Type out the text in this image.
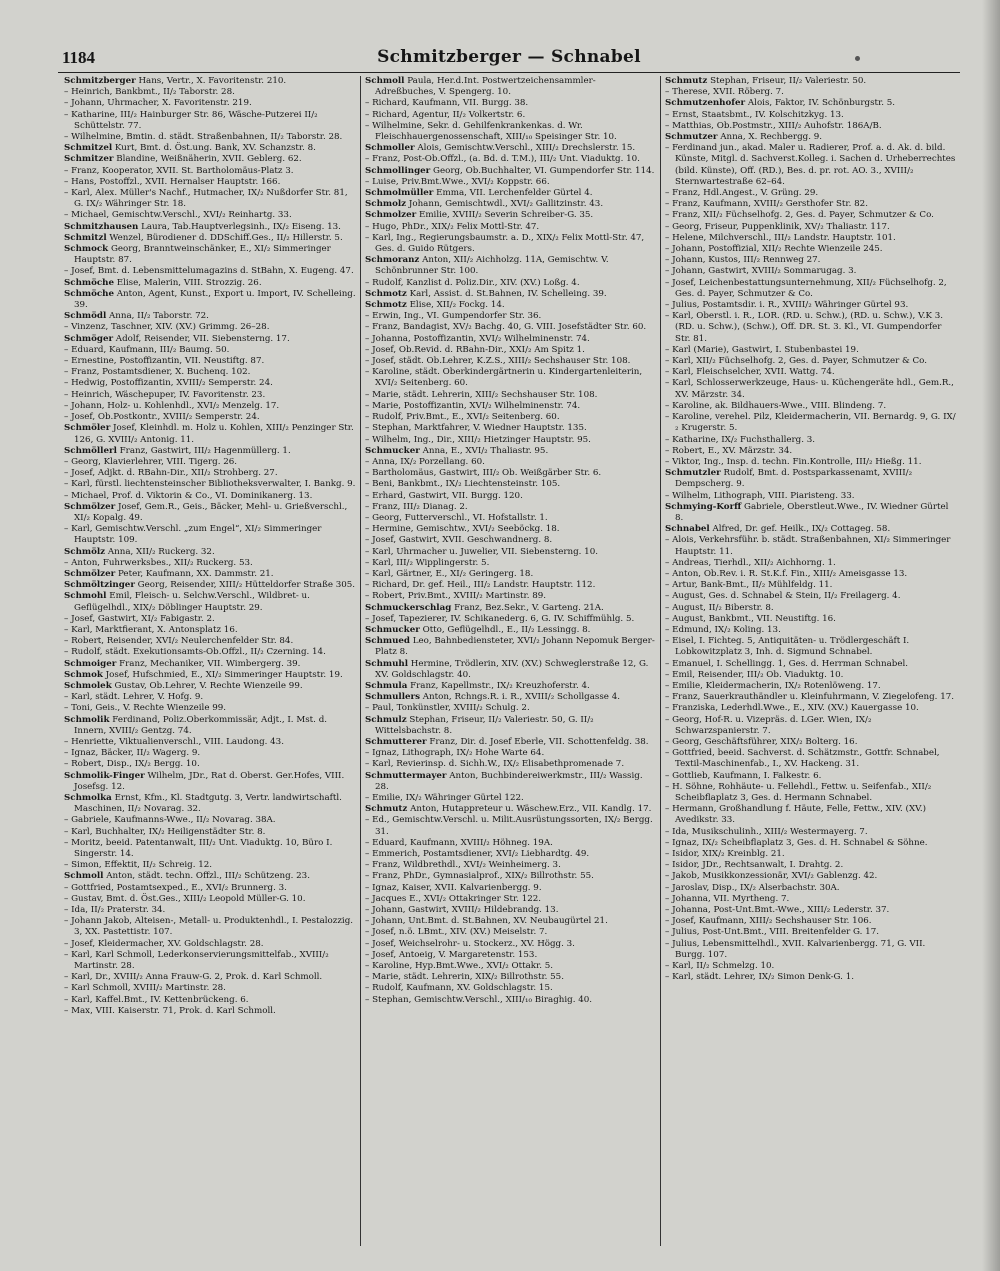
1184	Schmitzberger — Schnabel

Schmitzberger Hans, Vertr., X. Favoritenstr. 210.

– Heinrich, Bankbmt., II/₂ Taborstr. 28.

– Johann, Uhrmacher, X. Favoritenstr. 219.

– Katharine, III/₂ Hainburger Str. 86, Wäsche-Putzerei II/₂ Schüttelstr. 77.

– Wilhelmine, Bmtin. d. städt. Straßenbahnen, II/₂ Taborstr. 28.

Schmitzel Kurt, Bmt. d. Öst.ung. Bank, XV. Schanzstr. 8.

Schmitzer Blandine, Weißnäherin, XVII. Geblerg. 62.

– Franz, Kooperator, XVII. St. Bartholomäus-Platz 3.

– Hans, Postoffzl., XVII. Hernalser Hauptstr. 166.

– Karl, Alex. Müller's Nachf., Hutmacher, IX/₂ Nußdorfer Str. 81, G. IX/₂ Währinger Str. 18.

– Michael, Gemischtw.Verschl., XVI/₂ Reinhartg. 33.

Schmitzhausen Laura, Tab.Hauptverlegsinh., IX/₂ Eiseng. 13.

Schmitzl Wenzel, Bürodiener d. DDSchiff.Ges., II/₂ Hillerstr. 5.

Schmock Georg, Branntweinschänker, E., XI/₂ Simmeringer Hauptstr. 87.

– Josef, Bmt. d. Lebensmittelumagazins d. StBahn, X. Eugeng. 47.

Schmöche Elise, Malerin, VIII. Strozzig. 26.

Schmöche Anton, Agent, Kunst., Export u. Import, IV. Schelleing. 39.

Schmödl Anna, II/₂ Taborstr. 72.

– Vinzenz, Taschner, XIV. (XV.) Grimmg. 26–28.

Schmöger Adolf, Reisender, VII. Siebensterng. 17.

– Eduard, Kaufmann, III/₂ Baumg. 50.

– Ernestine, Postoffizantin, VII. Neustiftg. 87.

– Franz, Postamtsdiener, X. Buchenq. 102.

– Hedwig, Postoffizantin, XVIII/₂ Semperstr. 24.

– Heinrich, Wäschepuper, IV. Favoritenstr. 23.

– Johann, Holz- u. Kohlenhdl., XVI/₂ Menzelg. 17.

– Josef, Ob.Postkontr., XVIII/₂ Semperstr. 24.

Schmöler Josef, Kleinhdl. m. Holz u. Kohlen, XIII/₂ Penzinger Str. 126, G. XVIII/₂ Antonig. 11.

Schmöllerl Franz, Gastwirt, III/₂ Hagenmüllerg. 1.

– Georg, Klavierlehrer, VIII. Tigerg. 26.

– Josef, Adjkt. d. RBahn-Dir., XII/₂ Strohberg. 27.

– Karl, fürstl. liechtensteinscher Bibliotheksverwalter, I. Bankg. 9.

– Michael, Prof. d. Viktorin & Co., VI. Dominikanerg. 13.

Schmölzer Josef, Gem.R., Geis., Bäcker, Mehl- u. Grießverschl., XI/₂ Kopalg. 49.

– Karl, Gemischtw.Verschl. „zum Engel“, XI/₂ Simmeringer Hauptstr. 109.

Schmölz Anna, XII/₂ Ruckerg. 32.

– Anton, Fuhrwerksbes., XII/₂ Ruckerg. 53.

Schmölzer Peter, Kaufmann, XX. Dammstr. 21.

Schmöltzinger Georg, Reisender, XIII/₂ Hütteldorfer Straße 305.

Schmohl Emil, Fleisch- u. Selchw.Verschl., Wildbret- u. Geflügelhdl., XIX/₂ Döblinger Hauptstr. 29.

– Josef, Gastwirt, XI/₂ Fabigastr. 2.

– Karl, Marktfierant, X. Antonsplatz 16.

– Robert, Reisender, XVI/₂ Neulerchenfelder Str. 84.

– Rudolf, städt. Exekutionsamts-Ob.Offzl., II/₂ Czerning. 14.

Schmoiger Franz, Mechaniker, VII. Wimbergerg. 39.

Schmok Josef, Hufschmied, E., XI/₂ Simmeringer Hauptstr. 19.

Schmolek Gustav, Ob.Lehrer, V. Rechte Wienzeile 99.

– Karl, städt. Lehrer, V. Hofg. 9.

– Toni, Geis., V. Rechte Wienzeile 99.

Schmolik Ferdinand, Poliz.Oberkommissär, Adjt., I. Mst. d. Innern, XVIII/₂ Gentzg. 74.

– Henriette, Viktualienverschl., VIII. Laudong. 43.

– Ignaz, Bäcker, II/₂ Wagerg. 9.

– Robert, Disp., IX/₂ Bergg. 10.

Schmolik-Finger Wilhelm, JDr., Rat d. Oberst. Ger.Hofes, VIII. Josefsg. 12.

Schmolka Ernst, Kfm., Kl. Stadtgutg. 3, Vertr. landwirtschaftl. Maschinen, II/₂ Novarag. 32.

– Gabriele, Kaufmanns-Wwe., II/₂ Novarag. 38A.

– Karl, Buchhalter, IX/₂ Heiligenstädter Str. 8.

– Moritz, beeid. Patentanwalt, III/₂ Unt. Viaduktg. 10, Büro I. Singerstr. 14.

– Simon, Effektit, II/₂ Schreig. 12.

Schmoll Anton, städt. techn. Offzl., III/₂ Schützeng. 23.

– Gottfried, Postamtsexped., E., XVI/₂ Brunnerg. 3.

– Gustav, Bmt. d. Öst.Ges., XIII/₂ Leopold Müller-G. 10.

– Ida, II/₂ Praterstr. 34.

– Johann Jakob, Alteisen-, Metall- u. Produktenhdl., I. Pestalozzig. 3, XX. Pastettistr. 107.

– Josef, Kleidermacher, XV. Goldschlagstr. 28.

– Karl, Karl Schmoll, Lederkonservierungsmittelfab., XVIII/₂ Martinstr. 28.

– Karl, Dr., XVIII/₂ Anna Frauw-G. 2, Prok. d. Karl Schmoll.

– Karl Schmoll, XVIII/₂ Martinstr. 28.

– Karl, Kaffel.Bmt., IV. Kettenbrückeng. 6.

– Max, VIII. Kaiserstr. 71, Prok. d. Karl Schmoll.

Schmoll Paula, Her.d.Int. Postwertzeichensammler-Adreßbuches, V. Spengerg. 10.

– Richard, Kaufmann, VII. Burgg. 38.

– Richard, Agentur, II/₂ Volkertstr. 6.

– Wilhelmine, Sekr. d. Gehilfenkrankenkas. d. Wr. Fleischhauergenossenschaft, XIII/₁₀ Speisinger Str. 10.

Schmoller Alois, Gemischtw.Verschl., XIII/₂ Drechslerstr. 15.

– Franz, Post-Ob.Offzl., (a. Bd. d. T.M.), III/₂ Unt. Viaduktg. 10.

Schmollinger Georg, Ob.Buchhalter, VI. Gumpendorfer Str. 114.

– Luise, Priv.Bmt.Wwe., XVI/₂ Koppstr. 66.

Schmolmüller Emma, VII. Lerchenfelder Gürtel 4.

Schmolz Johann, Gemischtwdl., XVI/₂ Gallitzinstr. 43.

Schmolzer Emilie, XVIII/₂ Severin Schreiber-G. 35.

– Hugo, PhDr., XIX/₂ Felix Mottl-Str. 47.

– Karl, Ing., Regierungsbaumstr. a. D., XIX/₂ Felix Mottl-Str. 47, Ges. d. Guido Rütgers.

Schmoranz Anton, XII/₂ Aichholzg. 11A, Gemischtw. V. Schönbrunner Str. 100.

– Rudolf, Kanzlist d. Poliz.Dir., XIV. (XV.) Loßg. 4.

Schmotz Karl, Assist. d. St.Bahnen, IV. Schelleing. 39.

Schmotz Elise, XII/₂ Fockg. 14.

– Erwin, Ing., VI. Gumpendorfer Str. 36.

– Franz, Bandagist, XV/₂ Bachg. 40, G. VIII. Josefstädter Str. 60.

– Johanna, Postoffizantin, XVI/₂ Wilhelminenstr. 74.

– Josef, Ob.Revid. d. RBahn-Dir., XXI/₂ Am Spitz 1.

– Josef, städt. Ob.Lehrer, K.Z.S., XIII/₂ Sechshauser Str. 108.

– Karoline, städt. Oberkindergärtnerin u. Kindergartenleiterin, XVI/₂ Seitenberg. 60.

– Marie, städt. Lehrerin, XIII/₂ Sechshauser Str. 108.

– Marie, Postoffizantin, XVI/₂ Wilhelminenstr. 74.

– Rudolf, Priv.Bmt., E., XVI/₂ Seitenberg. 60.

– Stephan, Marktfahrer, V. Wiedner Hauptstr. 135.

– Wilhelm, Ing., Dir., XIII/₂ Hietzinger Hauptstr. 95.

Schmucker Anna, E., XVI/₂ Thaliastr. 95.

– Anna, IX/₂ Porzellang. 60.

– Bartholomäus, Gastwirt, III/₂ Ob. Weißgärber Str. 6.

– Beni, Bankbmt., IX/₂ Liechtensteinstr. 105.

– Erhard, Gastwirt, VII. Burgg. 120.

– Franz, III/₂ Dianag. 2.

– Georg, Futterverschl., VI. Hofstallstr. 1.

– Hermine, Gemischtw., XVI/₂ Seeböckg. 18.

– Josef, Gastwirt, XVII. Geschwandnerg. 8.

– Karl, Uhrmacher u. Juwelier, VII. Siebensterng. 10.

– Karl, III/₂ Wipplingerstr. 5.

– Karl, Gärtner, E., XI/₂ Geringerg. 18.

– Richard, Dr. gef. Heil., III/₂ Landstr. Hauptstr. 112.

– Robert, Priv.Bmt., XVIII/₂ Martinstr. 89.

Schmuckerschlag Franz, Bez.Sekr., V. Garteng. 21A.

– Josef, Tapezierer, IV. Schikanederg. 6, G. IV. Schiffmühlg. 5.

Schmucker Otto, Geflügelhdl., E., II/₂ Lessingg. 8.

Schmued Leo, Bahnbediensteter, XVI/₂ Johann Nepomuk Berger-Platz 8.

Schmuhl Hermine, Trödlerin, XIV. (XV.) Schweglerstraße 12, G. XV. Goldschlagstr. 40.

Schmula Franz, Kapellmstr., IX/₂ Kreuzhoferstr. 4.

Schmullers Anton, Rchngs.R. i. R., XVIII/₂ Schollgasse 4.

– Paul, Tonkünstler, XVIII/₂ Schulg. 2.

Schmulz Stephan, Friseur, II/₂ Valeriestr. 50, G. II/₂ Wittelsbachstr. 8.

Schmutterer Franz, Dir. d. Josef Eberle, VII. Schottenfeldg. 38.

– Ignaz, Lithograph, IX/₂ Hohe Warte 64.

– Karl, Revierinsp. d. Sichh.W., IX/₂ Elisabethpromenade 7.

Schmuttermayer Anton, Buchbindereiwerkmstr., III/₂ Wassig. 28.

– Emilie, IX/₂ Währinger Gürtel 122.

Schmutz Anton, Hutappreteur u. Wäschew.Erz., VII. Kandlg. 17.

– Ed., Gemischtw.Verschl. u. Milit.Ausrüstungssorten, IX/₂ Bergg. 31.

– Eduard, Kaufmann, XVIII/₂ Höhneg. 19A.

– Emmerich, Postamtsdiener, XVI/₂ Liebhardtg. 49.

– Franz, Wildbrethdl., XVI/₂ Weinheimerg. 3.

– Franz, PhDr., Gymnasialprof., XIX/₂ Billrothstr. 55.

– Ignaz, Kaiser, XVII. Kalvarienbergg. 9.

– Jacques E., XVI/₂ Ottakringer Str. 122.

– Johann, Gastwirt, XVIII/₂ Hildebrandg. 13.

– Johann, Unt.Bmt. d. St.Bahnen, XV. Neubaugürtel 21.

– Josef, n.ö. LBmt., XIV. (XV.) Meiselstr. 7.

– Josef, Weichselrohr- u. Stockerz., XV. Högg. 3.

– Josef, Antoeig, V. Margaretenstr. 153.

– Karoline, Hyp.Bmt.Wwe., XVI/₂ Ottakr. 5.

– Marie, städt. Lehrerin, XIX/₂ Billrothstr. 55.

– Rudolf, Kaufmann, XV. Goldschlagstr. 15.

– Stephan, Gemischtw.Verschl., XIII/₁₀ Biraghig. 40.

Schmutz Stephan, Friseur, II/₂ Valeriestr. 50.

– Therese, XVII. Röberg. 7.

Schmutzenhofer Alois, Faktor, IV. Schönburgstr. 5.

– Ernst, Staatsbmt., IV. Kolschitzkyg. 13.

– Matthias, Ob.Postmstr., XIII/₂ Auhofstr. 186A/B.

Schmutzer Anna, X. Rechbergg. 9.

– Ferdinand jun., akad. Maler u. Radierer, Prof. a. d. Ak. d. bild. Künste, Mitgl. d. Sachverst.Kolleg. i. Sachen d. Urheberrechtes (bild. Künste), Off. (RD.), Bes. d. pr. rot. AO. 3., XVIII/₂ Sternwartestraße 62–64.

– Franz, Hdl.Angest., V. Grüng. 29.

– Franz, Kaufmann, XVIII/₂ Gersthofer Str. 82.

– Franz, XII/₂ Füchselhofg. 2, Ges. d. Payer, Schmutzer & Co.

– Georg, Friseur, Puppenklinik, XV/₂ Thaliastr. 117.

– Helene, Milchverschl., III/₂ Landstr. Hauptstr. 101.

– Johann, Postoffizial, XII/₂ Rechte Wienzeile 245.

– Johann, Kustos, III/₂ Rennweg 27.

– Johann, Gastwirt, XVIII/₂ Sommarugag. 3.

– Josef, Leichenbestattungsunternehmung, XII/₂ Füchselhofg. 2, Ges. d. Payer, Schmutzer & Co.

– Julius, Postamtsdir. i. R., XVIII/₂ Währinger Gürtel 93.

– Karl, Oberstl. i. R., LOR. (RD. u. Schw.), (RD. u. Schw.), V.K 3. (RD. u. Schw.), (Schw.), Off. DR. St. 3. Kl., VI. Gumpendorfer Str. 81.

– Karl (Marie), Gastwirt, I. Stubenbastei 19.

– Karl, XII/₂ Füchselhofg. 2, Ges. d. Payer, Schmutzer & Co.

– Karl, Fleischselcher, XVII. Wattg. 74.

– Karl, Schlosserwerkzeuge, Haus- u. Küchengeräte hdl., Gem.R., XV. Märzstr. 34.

– Karoline, ak. Bildhauers-Wwe., VIII. Blindeng. 7.

– Karoline, verehel. Pilz, Kleidermacherin, VII. Bernardg. 9, G. IX/₂ Krugerstr. 5.

– Katharine, IX/₂ Fuchsthallerg. 3.

– Robert, E., XV. Märzstr. 34.

– Viktor, Ing., Insp. d. techn. Fin.Kontrolle, III/₂ Hießg. 11.

Schmutzler Rudolf, Bmt. d. Postsparkassenamt, XVIII/₂ Dempscherg. 9.

– Wilhelm, Lithograph, VIII. Piaristeng. 33.

Schmying-Korff Gabriele, Oberstleut.Wwe., IV. Wiedner Gürtel 8.

Schnabel Alfred, Dr. gef. Heilk., IX/₂ Cottageg. 58.

– Alois, Verkehrsführ. b. städt. Straßenbahnen, XI/₂ Simmeringer Hauptstr. 11.

– Andreas, Tierhdl., XII/₂ Aichhorng. 1.

– Anton, Ob.Rev. i. R. St.K.f. Fin., XIII/₂ Ameisgasse 13.

– Artur, Bank-Bmt., II/₂ Mühlfeldg. 11.

– August, Ges. d. Schnabel & Stein, II/₂ Freilagerg. 4.

– August, II/₂ Biberstr. 8.

– August, Bankbmt., VII. Neustiftg. 16.

– Edmund, IX/₂ Koling. 13.

– Eisel, I. Fichteg. 5, Antiquitäten- u. Trödlergeschäft I. Lobkowitzplatz 3, Inh. d. Sigmund Schnabel.

– Emanuel, I. Schellingg. 1, Ges. d. Herrman Schnabel.

– Emil, Reisender, III/₂ Ob. Viaduktg. 10.

– Emilie, Kleidermacherin, IX/₂ Rotenlöweng. 17.

– Franz, Sauerkrauthändler u. Kleinfuhrmann, V. Ziegelofeng. 17.

– Franziska, Lederhdl.Wwe., E., XIV. (XV.) Kauergasse 10.

– Georg, Hof-R. u. Vizepräs. d. LGer. Wien, IX/₂ Schwarzspanierstr. 7.

– Georg, Geschäftsführer, XIX/₂ Bolterg. 16.

– Gottfried, beeid. Sachverst. d. Schätzmstr., Gottfr. Schnabel, Textil-Maschinenfab., I., XV. Hackeng. 31.

– Gottlieb, Kaufmann, I. Falkestr. 6.

– H. Söhne, Rohhäute- u. Fellehdl., Fettw. u. Seifenfab., XII/₂ Scheibflaplatz 3, Ges. d. Hermann Schnabel.

– Hermann, Großhandlung f. Häute, Felle, Fettw., XIV. (XV.) Avedikstr. 33.

– Ida, Musikschulinh., XIII/₂ Westermayerg. 7.

– Ignaz, IX/₂ Scheibflaplatz 3, Ges. d. H. Schnabel & Söhne.

– Isidor, XIX/₂ Kreinblg. 21.

– Isidor, JDr., Rechtsanwalt, I. Drahtg. 2.

– Jakob, Musikkonzessionär, XVI/₂ Gablenzg. 42.

– Jaroslav, Disp., IX/₂ Alserbachstr. 30A.

– Johanna, VII. Myrtheng. 7.

– Johanna, Post-Unt.Bmt.-Wwe., XIII/₂ Lederstr. 37.

– Josef, Kaufmann, XIII/₂ Sechshauser Str. 106.

– Julius, Post-Unt.Bmt., VIII. Breitenfelder G. 17.

– Julius, Lebensmittelhdl., XVII. Kalvarienbergg. 71, G. VII. Burgg. 107.

– Karl, II/₂ Schmelzg. 10.

– Karl, städt. Lehrer, IX/₂ Simon Denk-G. 1.
